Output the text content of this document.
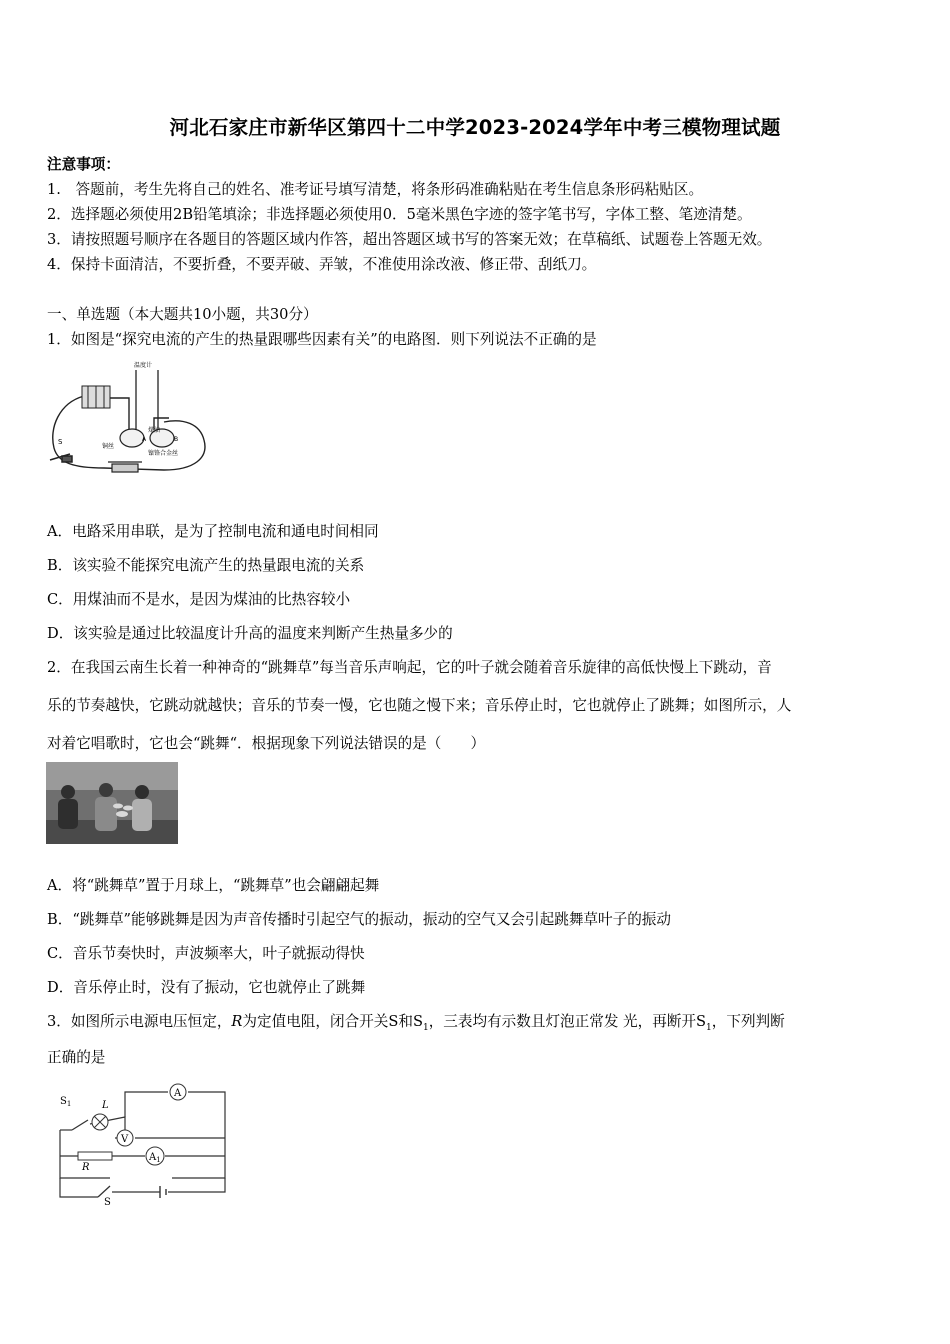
河北石家庄市新华区第四十二中学2023-2024学年中考三模物理试题
注意事项：
1.　答题前，考生先将自己的姓名、准考证号填写清楚，将条形码准确粘贴在考生信息条形码粘贴区。
2．选择题必须使用2B铅笔填涂；非选择题必须使用0．5毫米黑色字迹的签字笔书写，字体工整、笔迹清楚。
3．请按照题号顺序在各题目的答题区域内作答，超出答题区域书写的答案无效；在草稿纸、试题卷上答题无效。
4．保持卡面清洁，不要折叠，不要弄破、弄皱，不准使用涂改液、修正带、刮纸刀。
一、单选题（本大题共10小题，共30分）
1．如图是“探究电流的产生的热量跟哪些因素有关”的电路图．则下列说法不正确的是
温度计
煤油
A	B
铜丝
镍铬合金丝
S
A．电路采用串联，是为了控制电流和通电时间相同
B．该实验不能探究电流产生的热量跟电流的关系
C．用煤油而不是水，是因为煤油的比热容较小
D．该实验是通过比较温度计升高的温度来判断产生热量多少的
2．在我国云南生长着一种神奇的“跳舞草”每当音乐声响起，它的叶子就会随着音乐旋律的高低快慢上下跳动，音
乐的节奏越快，它跳动就越快；音乐的节奏一慢，它也随之慢下来；音乐停止时，它也就停止了跳舞；如图所示，人
对着它唱歌时，它也会“跳舞“．根据现象下列说法错误的是（　　）
A．将“跳舞草”置于月球上，“跳舞草”也会翩翩起舞
B．“跳舞草”能够跳舞是因为声音传播时引起空气的振动，振动的空气又会引起跳舞草叶子的振动
C．音乐节奏快时，声波频率大，叶子就振动得快
D．音乐停止时，没有了振动，它也就停止了跳舞
3．如图所示电源电压恒定，R为定值电阻，闭合开关S和$S_1$，三表均有示数且灯泡正常发 光，再断开$S_1$，下列判断
正确的是
$S_1$	L
A
V
$A_1$
R
S
